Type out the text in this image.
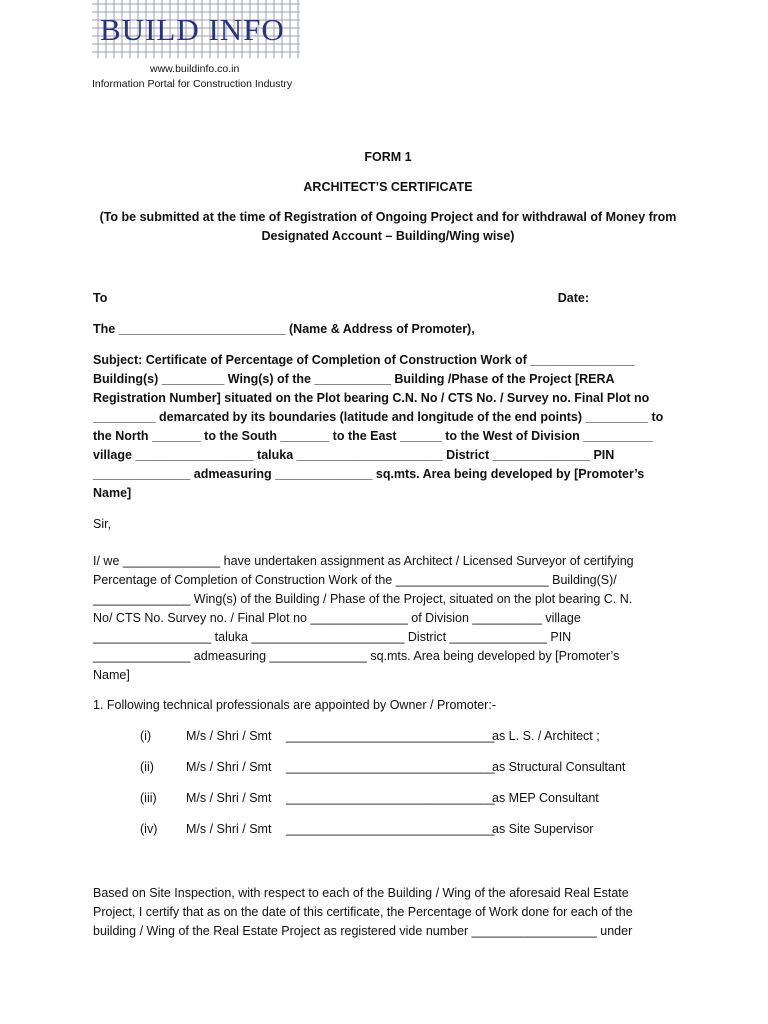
BUILD INFO
www.buildinfo.co.in
Information Portal for Construction Industry
FORM 1
ARCHITECT’S CERTIFICATE
(To be submitted at the time of Registration of Ongoing Project and for withdrawal of Money from
Designated Account – Building/Wing wise)
To	Date:
The ________________________ (Name & Address of Promoter),
Subject: Certificate of Percentage of Completion of Construction Work of _______________
Building(s) _________ Wing(s) of the ___________ Building /Phase of the Project [RERA
Registration Number] situated on the Plot bearing C.N. No / CTS No. / Survey no. Final Plot no
_________ demarcated by its boundaries (latitude and longitude of the end points) _________ to
the North _______ to the South _______ to the East ______ to the West of Division __________
village _________________ taluka _____________________ District ______________ PIN
______________ admeasuring ______________ sq.mts. Area being developed by [Promoter’s
Name]
Sir,
I/ we ______________ have undertaken assignment as Architect / Licensed Surveyor of certifying
Percentage of Completion of Construction Work of the ______________________ Building(S)/
______________ Wing(s) of the Building / Phase of the Project, situated on the plot bearing C. N.
No/ CTS No. Survey no. / Final Plot no ______________ of Division __________ village
_________________ taluka ______________________ District ______________ PIN
______________ admeasuring ______________ sq.mts. Area being developed by [Promoter’s
Name]
1. Following technical professionals are appointed by Owner / Promoter:-
(i)	M/s / Shri / Smt	______________________________
as L. S. / Architect ;
(ii)	M/s / Shri / Smt	______________________________
as Structural Consultant
(iii)	M/s / Shri / Smt	______________________________
as MEP Consultant
(iv)	M/s / Shri / Smt	______________________________
as Site Supervisor
Based on Site Inspection, with respect to each of the Building / Wing of the aforesaid Real Estate
Project, I certify that as on the date of this certificate, the Percentage of Work done for each of the
building / Wing of the Real Estate Project as registered vide number __________________ under
